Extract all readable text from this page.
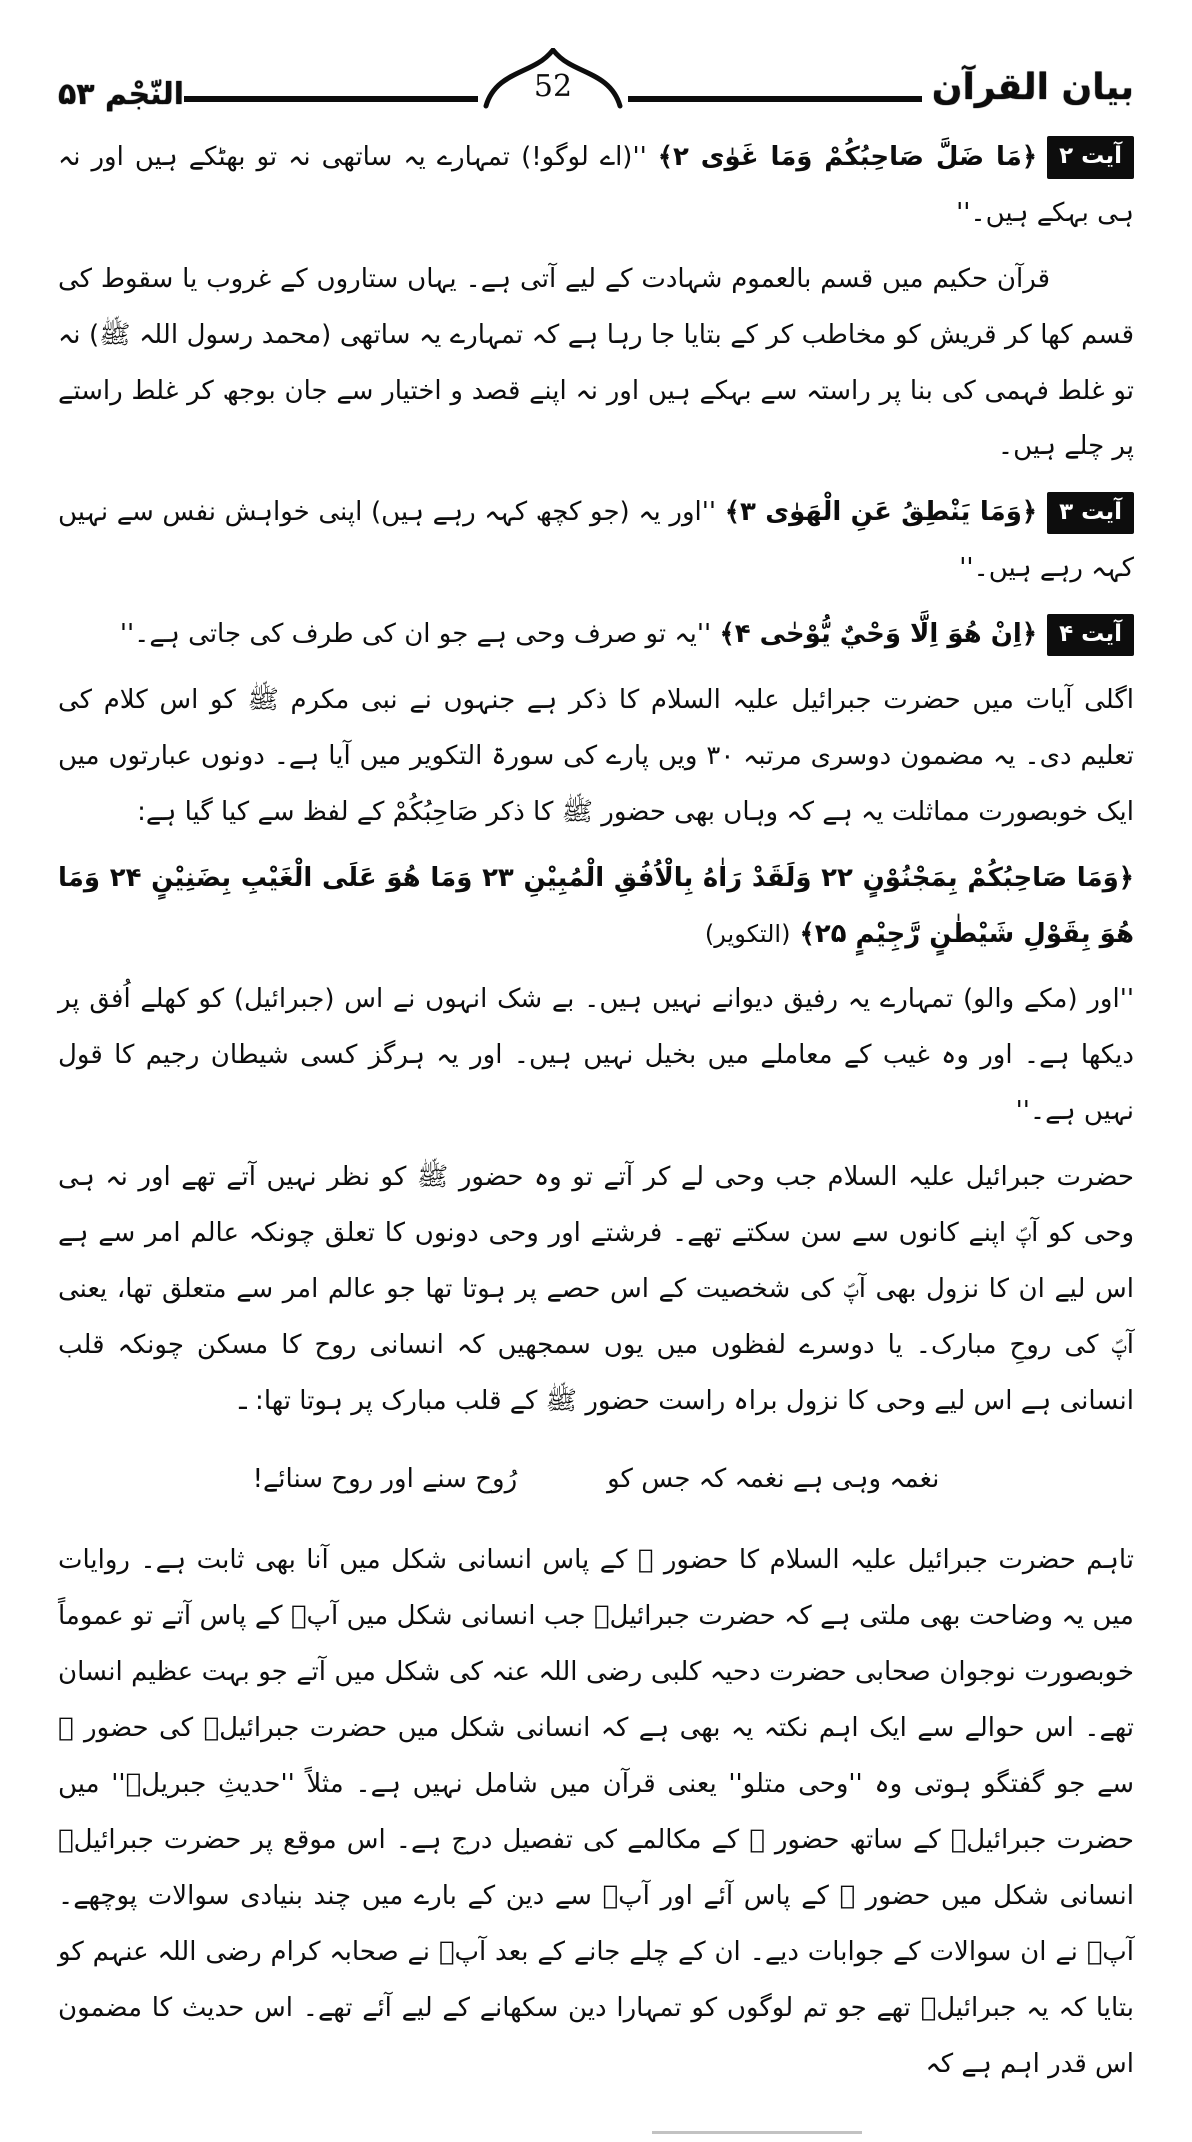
بيان القرآن
52
النّجْم ۵۳

آیت ۲﴿مَا ضَلَّ صَاحِبُكُمْ وَمَا غَوٰى ۲﴾ ''(اے لوگو!) تمہارے یہ ساتھی نہ تو بھٹکے ہیں اور نہ ہی بہکے ہیں۔''

قرآن حکیم میں قسم بالعموم شہادت کے لیے آتی ہے۔ یہاں ستاروں کے غروب یا سقوط کی قسم کھا کر قریش کو مخاطب کر کے بتایا جا رہا ہے کہ تمہارے یہ ساتھی (محمد رسول اللہ ﷺ) نہ تو غلط فہمی کی بنا پر راستہ سے بہکے ہیں اور نہ اپنے قصد و اختیار سے جان بوجھ کر غلط راستے پر چلے ہیں۔

آیت ۳﴿وَمَا يَنْطِقُ عَنِ الْهَوٰى ۳﴾ ''اور یہ (جو کچھ کہہ رہے ہیں) اپنی خواہش نفس سے نہیں کہہ رہے ہیں۔''

آیت ۴﴿اِنْ هُوَ اِلَّا وَحْيٌ يُّوْحٰى ۴﴾ ''یہ تو صرف وحی ہے جو ان کی طرف کی جاتی ہے۔''

اگلی آیات میں حضرت جبرائیل علیہ السلام کا ذکر ہے جنہوں نے نبی مکرم ﷺ کو اس کلام کی تعلیم دی۔ یہ مضمون دوسری مرتبہ ۳۰ ویں پارے کی سورۃ التکویر میں آیا ہے۔ دونوں عبارتوں میں ایک خوبصورت مماثلت یہ ہے کہ وہاں بھی حضور ﷺ کا ذکر صَاحِبُكُمْ کے لفظ سے کیا گیا ہے:

﴿وَمَا صَاحِبُكُمْ بِمَجْنُوْنٍ ۲۲ وَلَقَدْ رَاٰهُ بِالْاُفُقِ الْمُبِيْنِ ۲۳ وَمَا هُوَ عَلَى الْغَيْبِ بِضَنِيْنٍ ۲۴ وَمَا هُوَ بِقَوْلِ شَيْطٰنٍ رَّجِيْمٍ ۲۵﴾ (التکویر)

''اور (مکے والو) تمہارے یہ رفیق دیوانے نہیں ہیں۔ بے شک انہوں نے اس (جبرائیل) کو کھلے اُفق پر دیکھا ہے۔ اور وہ غیب کے معاملے میں بخیل نہیں ہیں۔ اور یہ ہرگز کسی شیطان رجیم کا قول نہیں ہے۔''

حضرت جبرائیل علیہ السلام جب وحی لے کر آتے تو وہ حضور ﷺ کو نظر نہیں آتے تھے اور نہ ہی وحی کو آپؐ اپنے کانوں سے سن سکتے تھے۔ فرشتے اور وحی دونوں کا تعلق چونکہ عالم امر سے ہے اس لیے ان کا نزول بھی آپؐ کی شخصیت کے اس حصے پر ہوتا تھا جو عالم امر سے متعلق تھا، یعنی آپؐ کی روحِ مبارک۔ یا دوسرے لفظوں میں یوں سمجھیں کہ انسانی روح کا مسکن چونکہ قلب انسانی ہے اس لیے وحی کا نزول براہ راست حضور ﷺ کے قلب مبارک پر ہوتا تھا: ـ

نغمہ وہی ہے نغمہ کہ جس کو
رُوح سنے اور روح سنائے!

تاہم حضرت جبرائیل علیہ السلام کا حضور ﷺ کے پاس انسانی شکل میں آنا بھی ثابت ہے۔ روایات میں یہ وضاحت بھی ملتی ہے کہ حضرت جبرائیلؑ جب انسانی شکل میں آپؐ کے پاس آتے تو عموماً خوبصورت نوجوان صحابی حضرت دحیہ کلبی رضی اللہ عنہ کی شکل میں آتے جو بہت عظیم انسان تھے۔ اس حوالے سے ایک اہم نکتہ یہ بھی ہے کہ انسانی شکل میں حضرت جبرائیلؑ کی حضور ﷺ سے جو گفتگو ہوتی وہ ''وحی متلو'' یعنی قرآن میں شامل نہیں ہے۔ مثلاً ''حدیثِ جبریلؑ'' میں حضرت جبرائیلؑ کے ساتھ حضور ﷺ کے مکالمے کی تفصیل درج ہے۔ اس موقع پر حضرت جبرائیلؑ انسانی شکل میں حضور ﷺ کے پاس آئے اور آپؐ سے دین کے بارے میں چند بنیادی سوالات پوچھے۔ آپؐ نے ان سوالات کے جوابات دیے۔ ان کے چلے جانے کے بعد آپؐ نے صحابہ کرام رضی اللہ عنہم کو بتایا کہ یہ جبرائیلؑ تھے جو تم لوگوں کو تمہارا دین سکھانے کے لیے آئے تھے۔ اس حدیث کا مضمون اس قدر اہم ہے کہ
